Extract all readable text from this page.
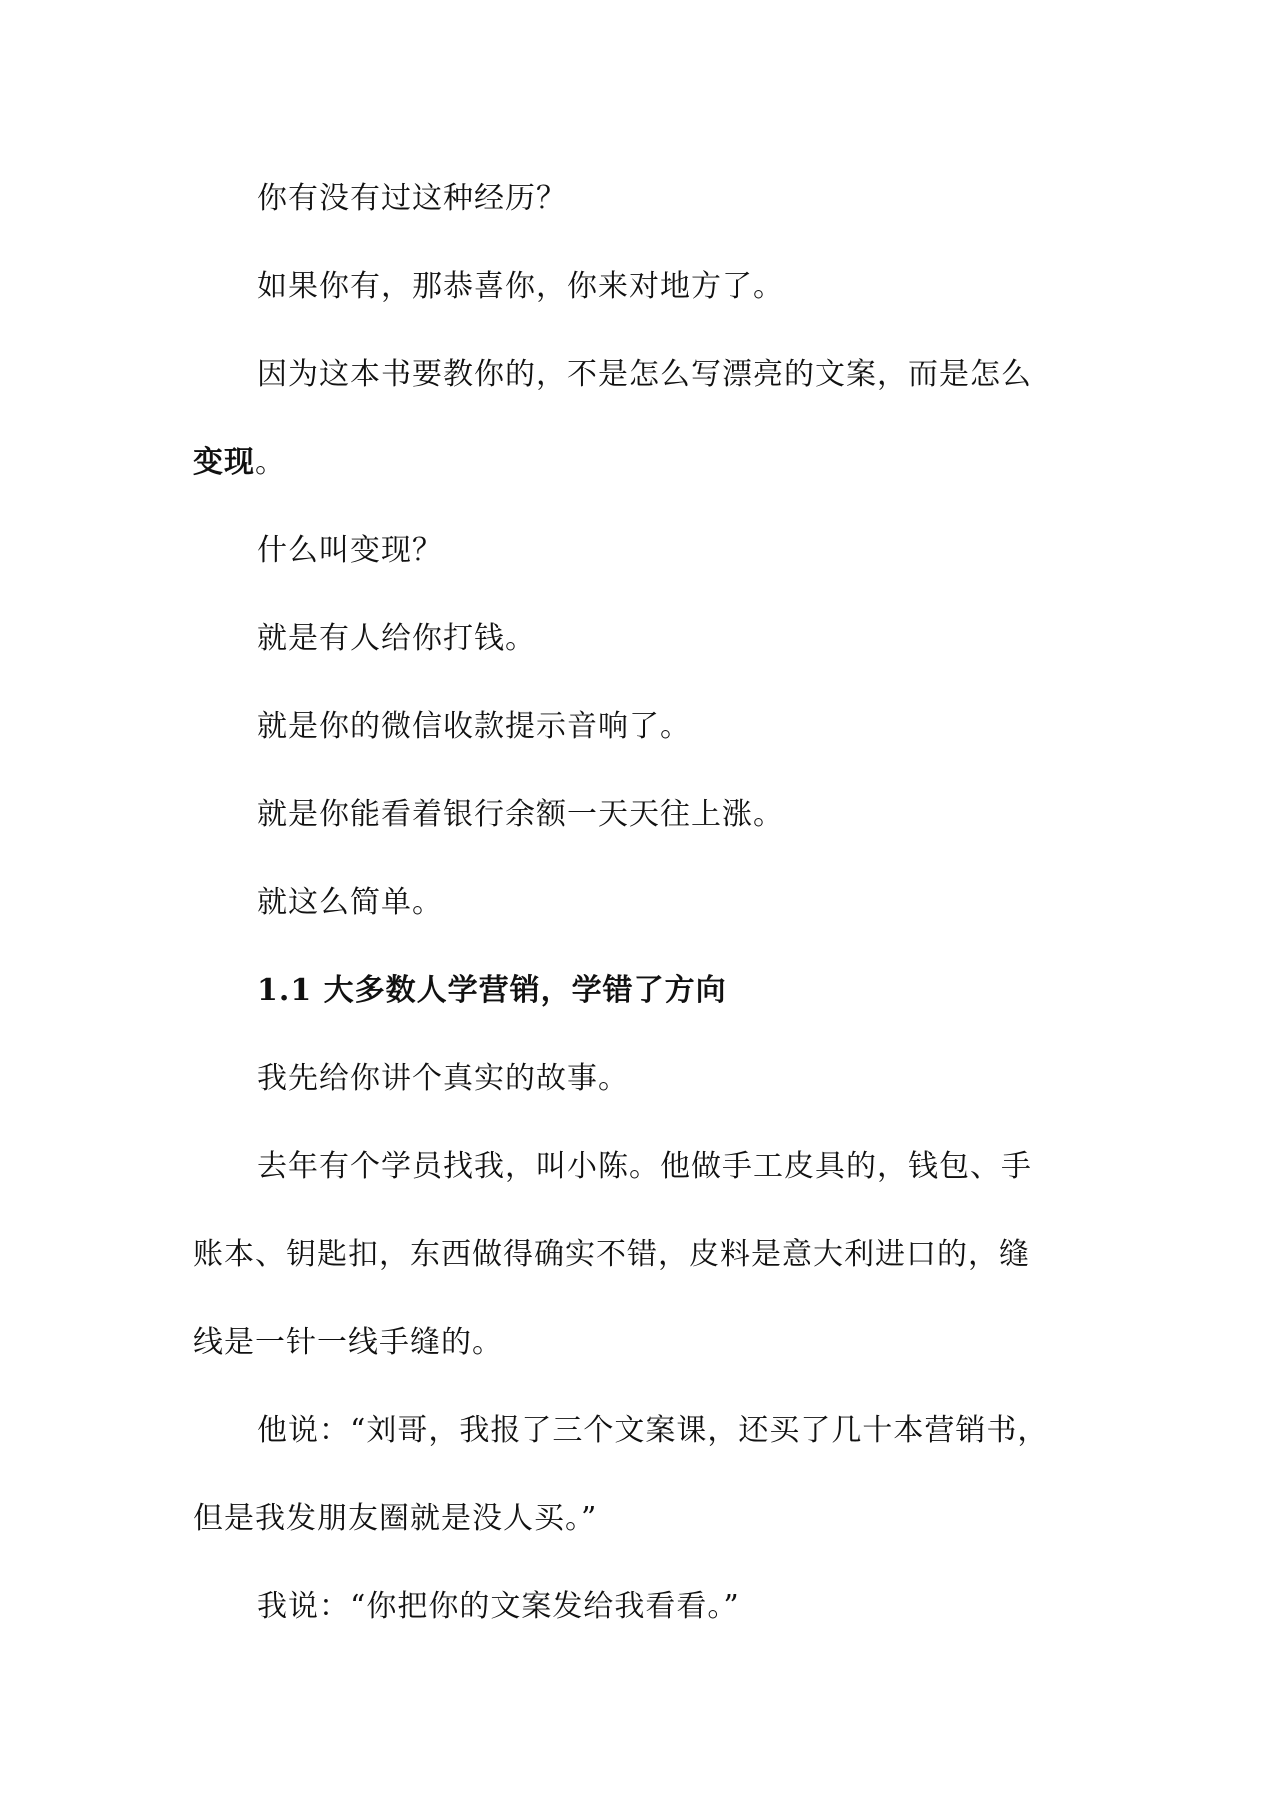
你有没有过这种经历？

如果你有，那恭喜你，你来对地方了。

因为这本书要教你的，不是怎么写漂亮的文案，而是怎么
变现。

什么叫变现？

就是有人给你打钱。

就是你的微信收款提示音响了。

就是你能看着银行余额一天天往上涨。

就这么简单。

1.1 大多数人学营销，学错了方向

我先给你讲个真实的故事。

去年有个学员找我，叫小陈。他做手工皮具的，钱包、手
账本、钥匙扣，东西做得确实不错，皮料是意大利进口的，缝
线是一针一线手缝的。
他说：“刘哥，我报了三个文案课，还买了几十本营销书，
但是我发朋友圈就是没人买。”

我说：“你把你的文案发给我看看。”
